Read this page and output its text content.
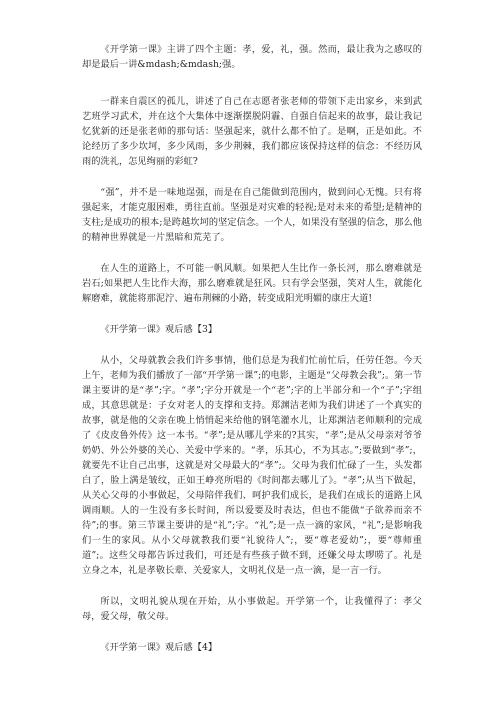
《开学第一课》主讲了四个主题：孝，爱，礼，强。然而，最让我为之感叹的却是最后一讲&mdash;&mdash;强。

一群来自震区的孤儿，讲述了自己在志愿者张老师的带领下走出家乡，来到武艺班学习武术，并在这个大集体中逐渐摆脱阴霾、自强自信起来的故事，最让我记忆犹新的还是张老师的那句话：坚强起来，就什么都不怕了。是啊，正是如此。不论经历了多少坎坷，多少风雨，多少荆棘，我们都应该保持这样的信念：不经历风雨的洗礼，怎见绚丽的彩虹?

“强”，并不是一味地逞强，而是在自己能做到范围内，做到问心无愧。只有将强起来，才能克服困难，勇往直前。坚强是对灾难的轻视;是对未来的希望;是精神的支柱;是成功的根本;是跨越坎坷的坚定信念。一个人，如果没有坚强的信念，那么他的精神世界就是一片黑暗和荒芜了。

在人生的道路上，不可能一帆风顺。如果把人生比作一条长河，那么磨难就是岩石;如果把人生比作大海，那么磨难就是狂风。只有学会坚强，笑对人生，就能化解磨难，就能将那泥泞、遍布荆棘的小路，转变成阳光明媚的康庄大道!

《开学第一课》观后感【3】

从小，父母就教会我们许多事情，他们总是为我们忙前忙后，任劳任怨。今天上午，老师为我们播放了一部“开学第一课”;的电影，主题是“父母教会我”;。第一节课主要讲的是“孝”;字。“孝”;字分开就是一个“老”;字的上半部分和一个“子”;字组成，其意思就是：子女对老人的支撑和支持。郑渊洁老师为我们讲述了一个真实的故事，就是他的父亲在晚上悄悄起来给他的钢笔灌水儿，让郑渊洁老师顺利的完成了《皮皮鲁外传》这一本书。“孝”;是从哪儿学来的?其实，“孝”;是从父母亲对爷爷奶奶、外公外婆的关心、关爱中学来的。“孝，乐其心，不为其志。”;要做到“孝”;，就要先不让自己出事，这就是对父母最大的“孝”;。父母为我们忙碌了一生，头发都白了，脸上满是皱纹，正如王峥亮所唱的《时间都去哪儿了》。“孝”;从当下做起，从关心父母的小事做起，父母陪伴我们、呵护我们成长，是我们在成长的道路上风调雨顺。人的一生没有多长时间，所以爱要及时表达，但也不能做“子欲养而亲不待”;的事。第三节课主要讲的是“礼”;字。“礼”;是一点一滴的家风，“礼”;是影响我们一生的家风。从小父母就教我们要“礼貌待人”;，要“尊老爱幼”;，要“尊师重道”;。这些父母都告诉过我们，可还是有些孩子做不到，还嫌父母太啰唠了。礼是立身之本，礼是孝敬长辈、关爱家人，文明礼仪是一点一滴，是一言一行。

所以，文明礼貌从现在开始，从小事做起。开学第一个，让我懂得了：孝父母，爱父母，敬父母。

《开学第一课》观后感【4】
